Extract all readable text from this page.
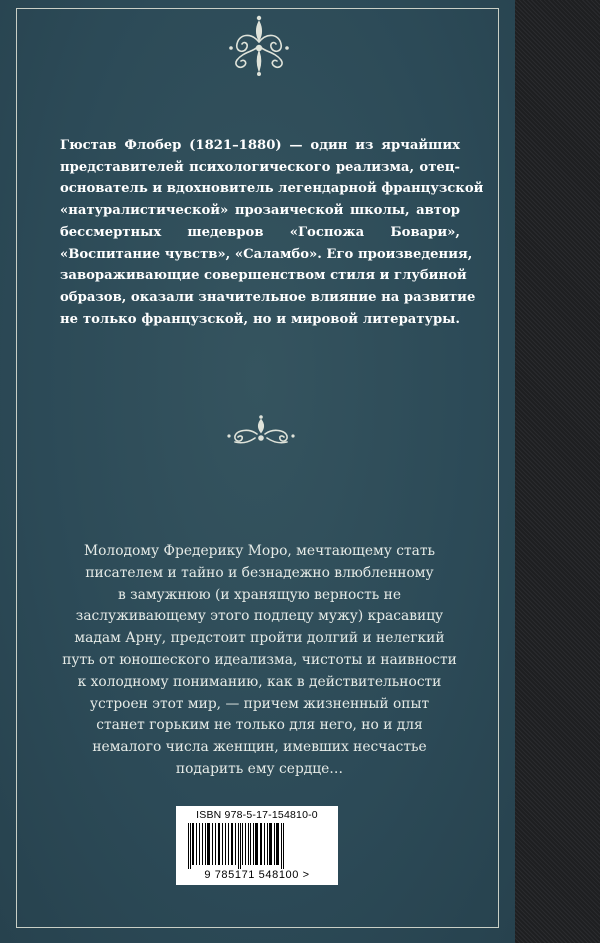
Гюстав Флобер (1821–1880) — один из ярчайших
представителей психологического реализма, отец-
основатель и вдохновитель легендарной французской
«натуралистической» прозаической школы, автор
бессмертных шедевров «Госпожа Бовари»,
«Воспитание чувств», «Саламбо». Его произведения,
завораживающие совершенством стиля и глубиной
образов, оказали значительное влияние на развитие
не только французской, но и мировой литературы.
Молодому Фредерику Моро, мечтающему стать
писателем и тайно и безнадежно влюбленному
в замужнюю (и хранящую верность не
заслуживающему этого подлецу мужу) красавицу
мадам Арну, предстоит пройти долгий и нелегкий
путь от юношеского идеализма, чистоты и наивности
к холодному пониманию, как в действительности
устроен этот мир, — причем жизненный опыт
станет горьким не только для него, но и для
немалого числа женщин, имевших несчастье
подарить ему сердце…
ISBN 978-5-17-154810-0
9 785171 548100 >
